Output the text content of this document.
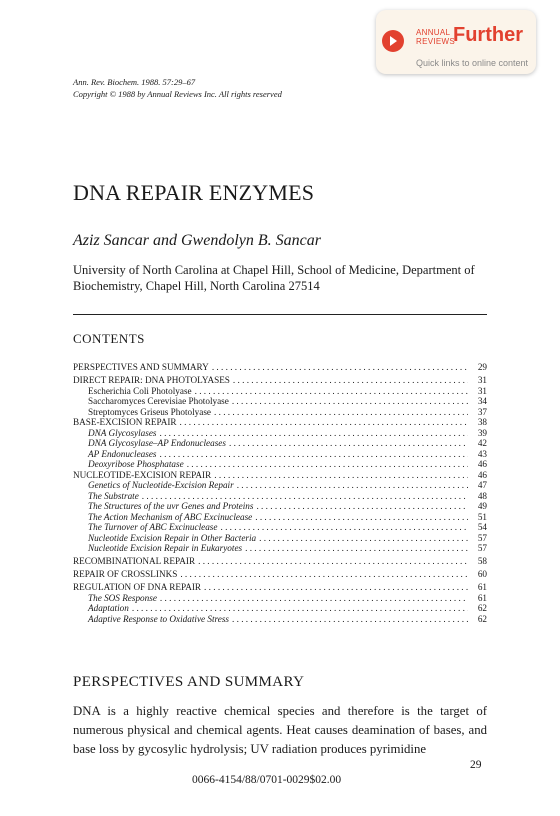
ANNUAL
REVIEWS
Further
Quick links to online content
Ann. Rev. Biochem. 1988. 57:29–67
Copyright © 1988 by Annual Reviews Inc. All rights reserved
DNA REPAIR ENZYMES
Aziz Sancar and Gwendolyn B. Sancar
University of North Carolina at Chapel Hill, School of Medicine, Department of Biochemistry, Chapel Hill, North Carolina 27514
CONTENTS
PERSPECTIVES AND SUMMARY . . .	29
DIRECT REPAIR: DNA PHOTOLYASES . . .	31
Escherichia Coli Photolyase . . .	31
Saccharomyces Cerevisiae Photolyase . . .	34
Streptomyces Griseus Photolyase . . .	37
BASE-EXCISION REPAIR . . .	38
DNA Glycosylases . . .	39
DNA Glycosylase–AP Endonucleases . . .	42
AP Endonucleases . . .	43
Deoxyribose Phosphatase . . .	46
NUCLEOTIDE-EXCISION REPAIR . . .	46
Genetics of Nucleotide-Excision Repair . . .	47
The Substrate . . .	48
The Structures of the uvr Genes and Proteins . . .	49
The Action Mechanism of ABC Excinuclease . . .	51
The Turnover of ABC Excinuclease . . .	54
Nucleotide Excision Repair in Other Bacteria . . .	57
Nucleotide Excision Repair in Eukaryotes . . .	57
RECOMBINATIONAL REPAIR . . .	58
REPAIR OF CROSSLINKS . . .	60
REGULATION OF DNA REPAIR . . .	61
The SOS Response . . .	61
Adaptation . . .	62
Adaptive Response to Oxidative Stress . . .	62
PERSPECTIVES AND SUMMARY
DNA is a highly reactive chemical species and therefore is the target of numerous physical and chemical agents. Heat causes deamination of bases, and base loss by gycosylic hydrolysis; UV radiation produces pyrimidine
29
0066-4154/88/0701-0029$02.00
